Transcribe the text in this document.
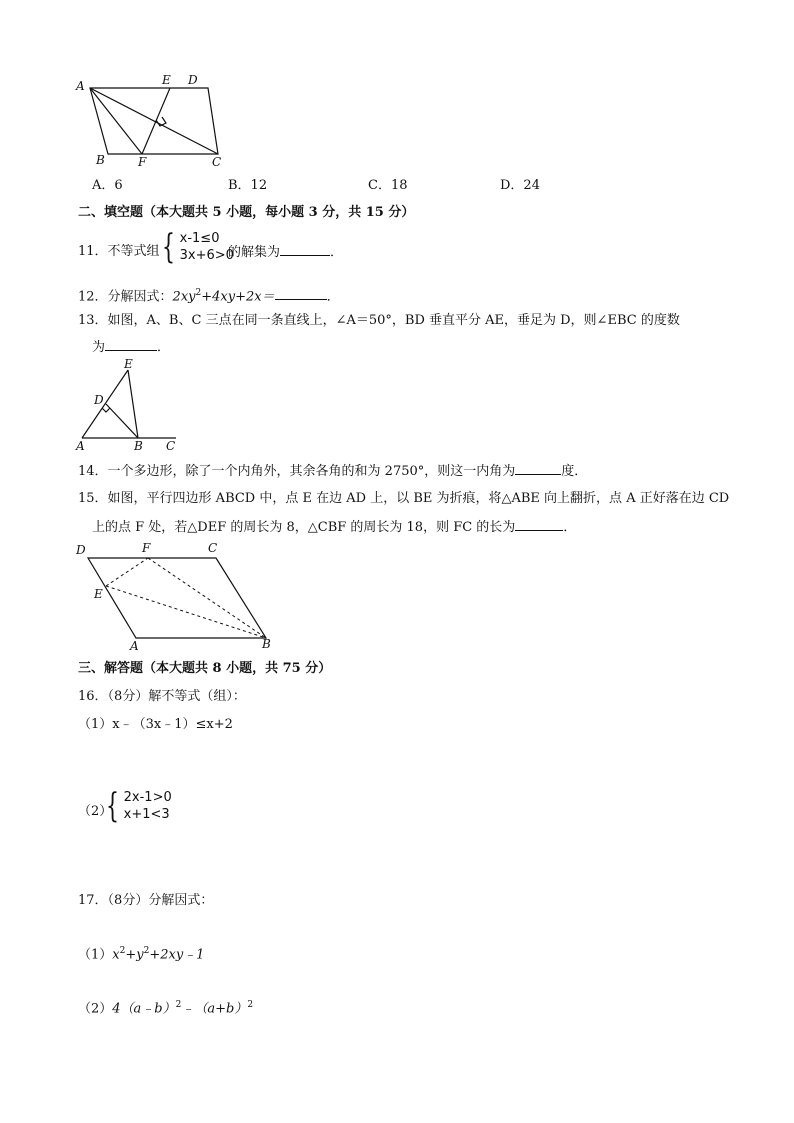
A	E D
B	F	C
A．6	B．12	C．18	D．24
二、填空题（本大题共 5 小题，每小题 3 分，共 15 分）
11．不等式组 { x-1≤0
3x+6>0
的解集为	．
12．分解因式：$2xy^2+4xy+2x=$	．
13．如图，A、B、C 三点在同一条直线上，∠A＝50°，BD 垂直平分 AE，垂足为 D，则∠EBC 的度数
为	．
E
D
A	B C
14．一个多边形，除了一个内角外，其余各角的和为 2750°，则这一内角为	度．
15．如图，平行四边形 ABCD 中，点 E 在边 AD 上，以 BE 为折痕，将△ABE 向上翻折，点 A 正好落在边 CD
上的点 F 处，若△DEF 的周长为 8，△CBF 的周长为 18，则 FC 的长为	．
D	F	C
E
A	B
三、解答题（本大题共 8 小题，共 75 分）
16．（8分）解不等式（组）：
（1）x﹣（3x﹣1）≤x+2
（2）
{ 2x-1>0
x+1<3
17．（8分）分解因式：
$(1)x^2+y^2+2xy﹣1$
$(2)4(a﹣b)^2﹣(a+b)^2$
